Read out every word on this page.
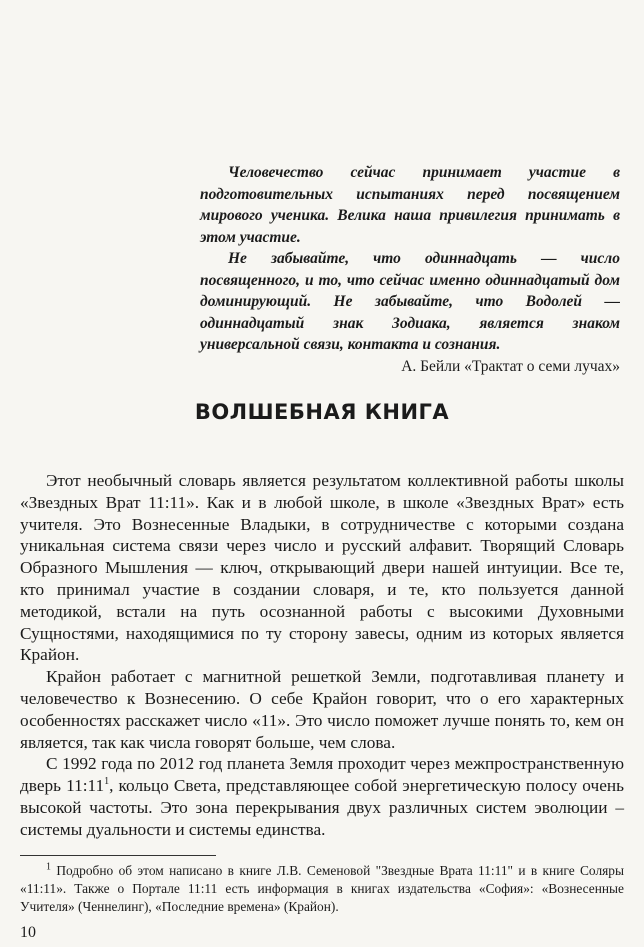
Человечество сейчас принимает участие в подготовительных испытаниях перед посвящением мирового ученика. Велика наша привилегия принимать в этом участие.

Не забывайте, что одиннадцать — число посвященного, и то, что сейчас именно одиннадцатый дом доминирующий. Не забывайте, что Водолей — одиннадцатый знак Зодиака, является знаком универсальной связи, контакта и сознания.

А. Бейли «Трактат о семи лучах»

ВОЛШЕБНАЯ КНИГА

Этот необычный словарь является результатом коллективной работы школы «Звездных Врат 11:11». Как и в любой школе, в школе «Звездных Врат» есть учителя. Это Вознесенные Владыки, в сотрудничестве с которыми создана уникальная система связи через число и русский алфавит. Творящий Словарь Образного Мышления — ключ, открывающий двери нашей интуиции. Все те, кто принимал участие в создании словаря, и те, кто пользуется данной методикой, встали на путь осознанной работы с высокими Духовными Сущностями, находящимися по ту сторону завесы, одним из которых является Крайон.

Крайон работает с магнитной решеткой Земли, подготавливая планету и человечество к Вознесению. О себе Крайон говорит, что о его характерных особенностях расскажет число «11». Это число поможет лучше понять то, кем он является, так как числа говорят больше, чем слова.

С 1992 года по 2012 год планета Земля проходит через межпространственную дверь $11:11^1$, кольцо Света, представляющее собой энергетическую полосу очень высокой частоты. Это зона перекрывания двух различных систем эволюции – системы дуальности и системы единства.

$^1$ Подробно об этом написано в книге Л.В. Семеновой "Звездные Врата 11:11" и в книге Соляры «11:11». Также о Портале 11:11 есть информация в книгах издательства «София»: «Вознесенные Учителя» (Ченнелинг), «Последние времена» (Крайон).

10
